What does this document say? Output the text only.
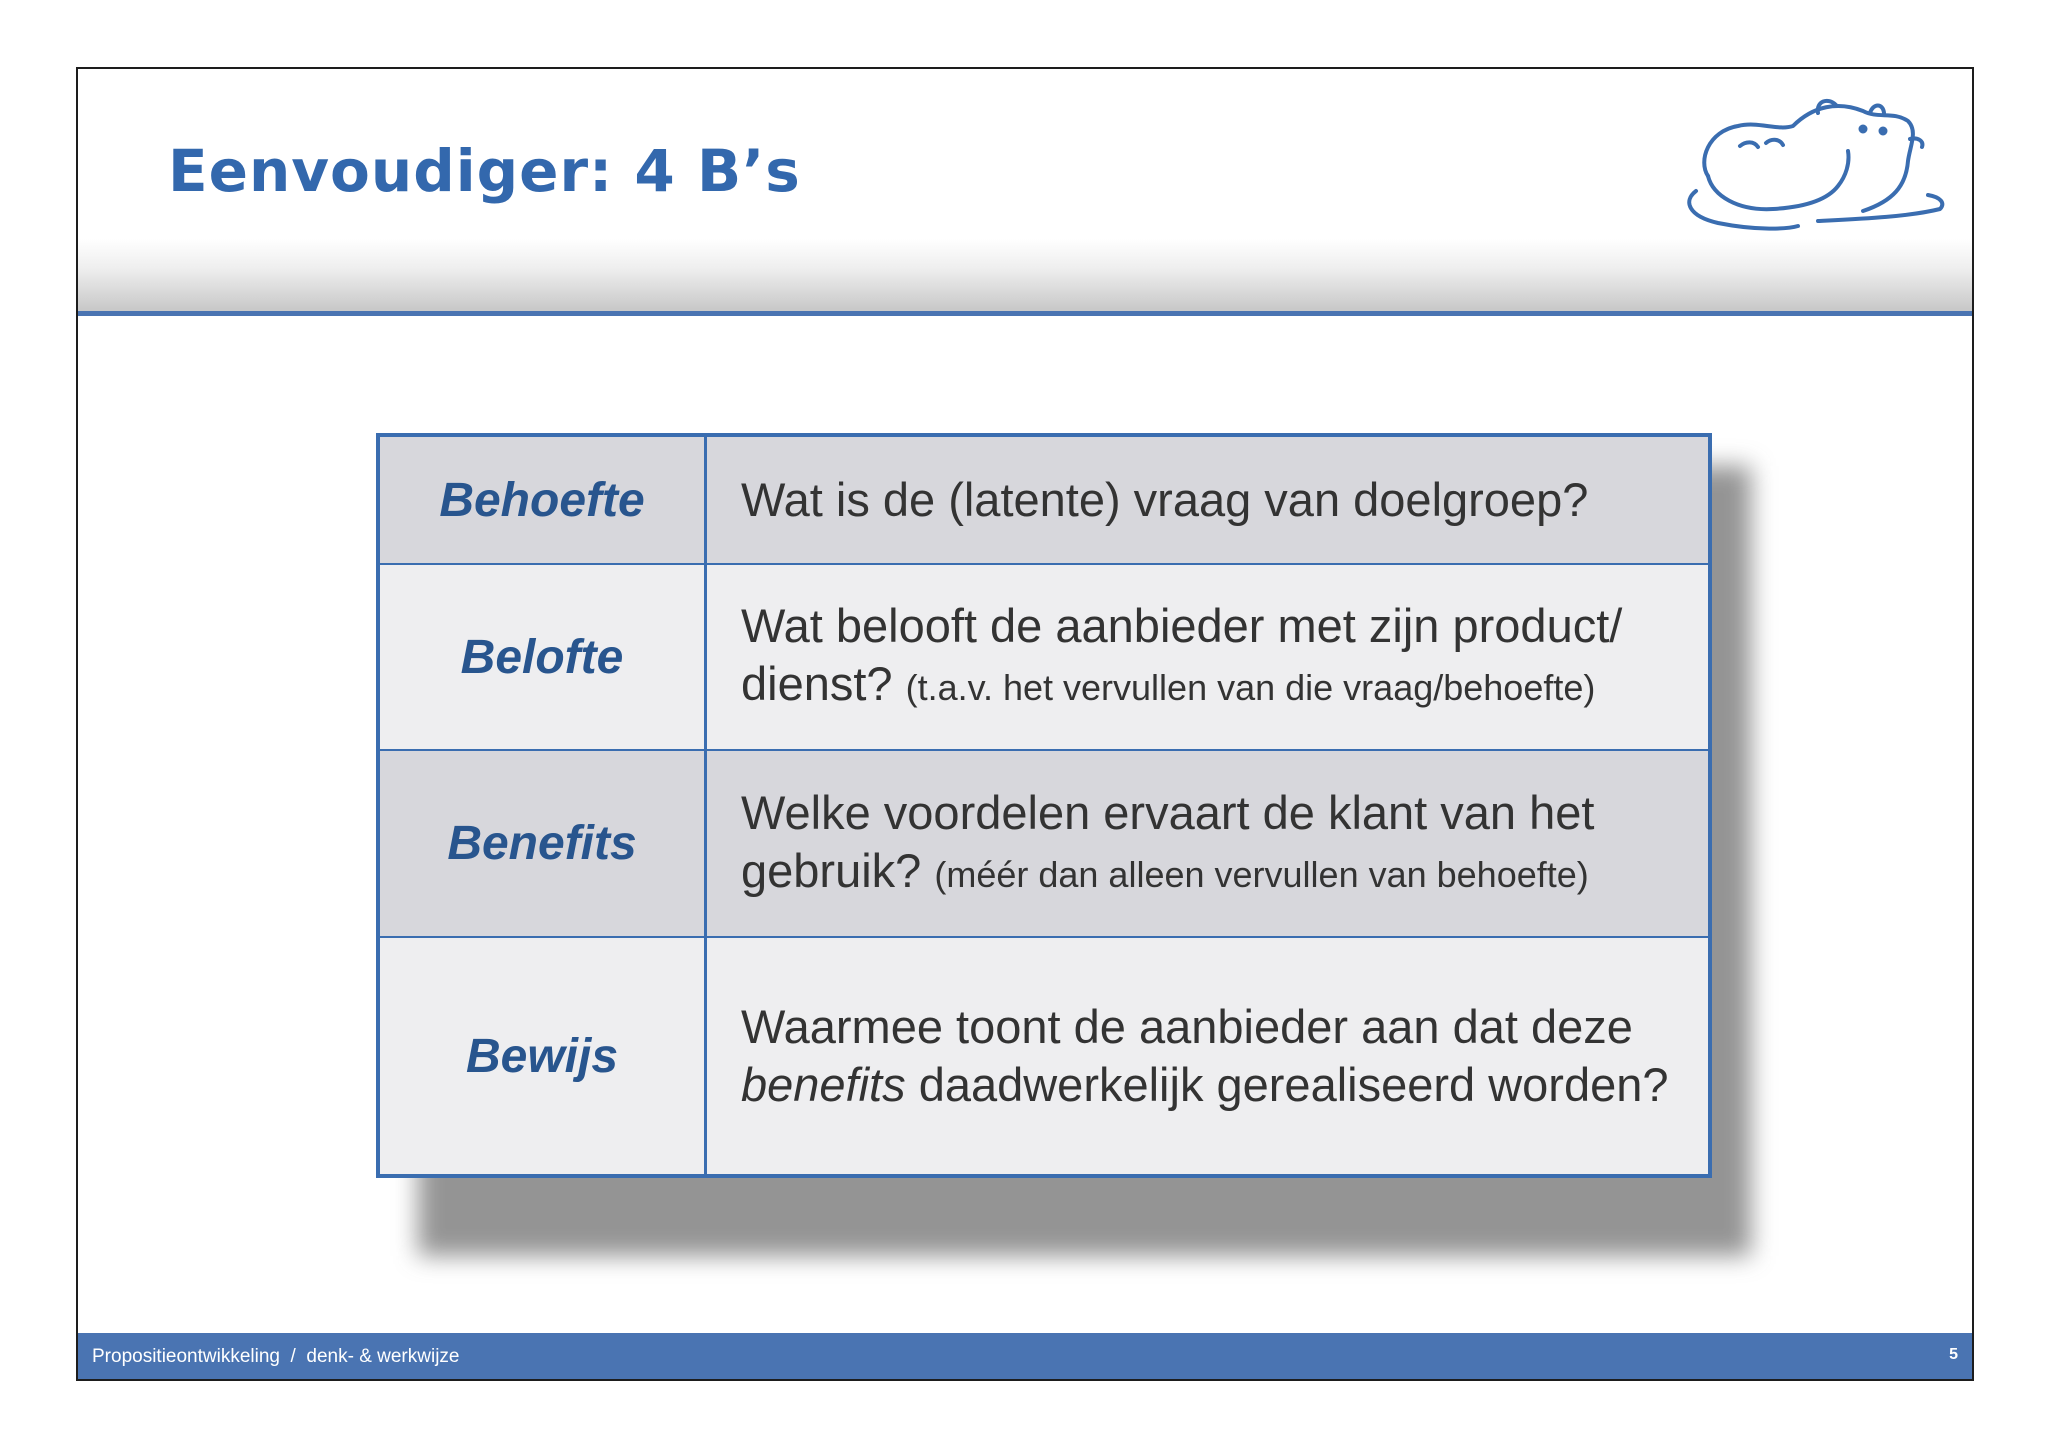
Eenvoudiger: 4 B’s
Behoefte	Wat is de (latente) vraag van doelgroep?
Belofte
Wat belooft de aanbieder met zijn product/ dienst? (t.a.v. het vervullen van die vraag/behoefte)
Benefits
Welke voordelen ervaart de klant van het gebruik? (méér dan alleen vervullen van behoefte)
Bewijs
Waarmee toont de aanbieder aan dat deze benefits daadwerkelijk gerealiseerd worden?
Propositieontwikkeling  /  denk- & werkwijze	5
